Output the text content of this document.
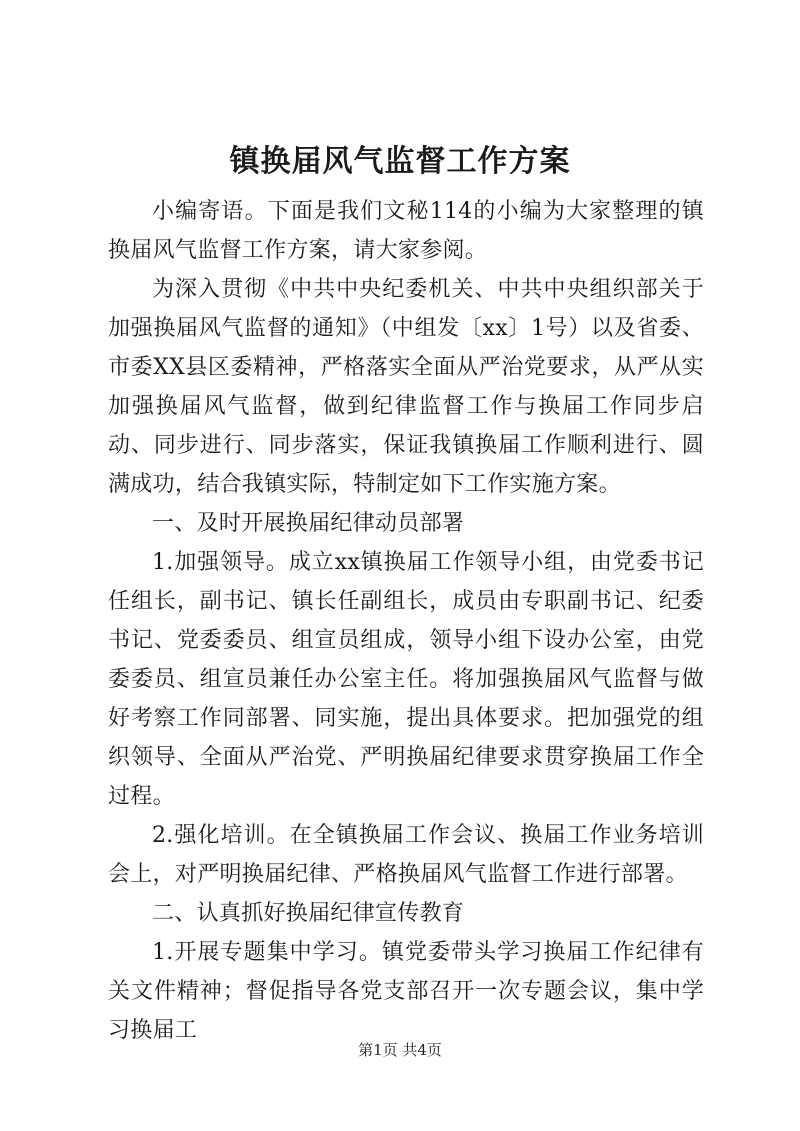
镇换届风气监督工作方案

小编寄语。下面是我们文秘114的小编为大家整理的镇换届风气监督工作方案，请大家参阅。

为深入贯彻《中共中央纪委机关、中共中央组织部关于加强换届风气监督的通知》（中组发〔xx〕1号）以及省委、市委XX县区委精神，严格落实全面从严治党要求，从严从实加强换届风气监督，做到纪律监督工作与换届工作同步启动、同步进行、同步落实，保证我镇换届工作顺利进行、圆满成功，结合我镇实际，特制定如下工作实施方案。

一、及时开展换届纪律动员部署

1.加强领导。成立xx镇换届工作领导小组，由党委书记任组长，副书记、镇长任副组长，成员由专职副书记、纪委书记、党委委员、组宣员组成，领导小组下设办公室，由党委委员、组宣员兼任办公室主任。将加强换届风气监督与做好考察工作同部署、同实施，提出具体要求。把加强党的组织领导、全面从严治党、严明换届纪律要求贯穿换届工作全过程。

2.强化培训。在全镇换届工作会议、换届工作业务培训会上，对严明换届纪律、严格换届风气监督工作进行部署。

二、认真抓好换届纪律宣传教育

1.开展专题集中学习。镇党委带头学习换届工作纪律有关文件精神；督促指导各党支部召开一次专题会议，集中学习换届工

第1页 共4页
